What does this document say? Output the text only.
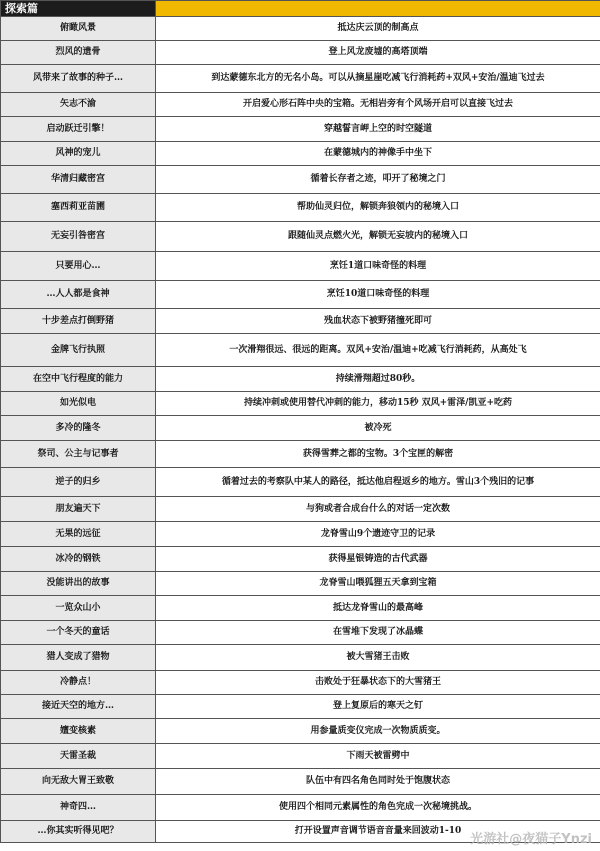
探索篇	
俯瞰风景	抵达庆云顶的制高点
烈风的遗骨	登上风龙废墟的高塔顶端
风带来了故事的种子…	到达蒙德东北方的无名小岛。可以从摘星崖吃减飞行消耗药+双风+安治/温迪飞过去
矢志不渝	开启爱心形石阵中央的宝箱。无相岩旁有个风场开启可以直接飞过去
启动跃迁引擎！	穿越誓言岬上空的时空隧道
风神的宠儿	在蒙德城内的神像手中坐下
华清归藏密宫	循着长存者之迹，叩开了秘境之门
塞西莉亚苗圃	帮助仙灵归位，解锁奔狼领内的秘境入口
无妄引咎密宫	跟随仙灵点燃火光，解锁无妄坡内的秘境入口
只要用心…	烹饪1道口味奇怪的料理
…人人都是食神	烹饪10道口味奇怪的料理
十步差点打倒野猪	残血状态下被野猪撞死即可
金牌飞行执照	一次滑翔很远、很远的距离。双风+安治/温迪+吃减飞行消耗药，从高处飞
在空中飞行程度的能力	持续滑翔超过80秒。
如光似电	持续冲刺或使用替代冲刺的能力，移动15秒 双风+雷泽/凯亚+吃药
多冷的隆冬	被冷死
祭司、公主与记事者	获得雪葬之都的宝物。3个宝匣的解密
逆子的归乡	循着过去的考察队中某人的路径，抵达他启程返乡的地方。雪山3个残旧的记事
朋友遍天下	与狗或者合成台什么的对话一定次数
无果的远征	龙脊雪山9个遗迹守卫的记录
冰冷的钢铁	获得星银铸造的古代武器
没能讲出的故事	龙脊雪山喂狐狸五天拿到宝箱
一览众山小	抵达龙脊雪山的最高峰
一个冬天的童话	在雪堆下发现了冰晶蝶
猎人变成了猎物	被大雪猪王击败
冷静点！	击败处于狂暴状态下的大雪猪王
接近天空的地方…	登上复原后的寒天之钉
嬗变核素	用参量质变仪完成一次物质质变。
天雷圣裁	下雨天被雷劈中
向无敌大胃王致敬	队伍中有四名角色同时处于饱腹状态
神奇四…	使用四个相同元素属性的角色完成一次秘境挑战。
…你其实听得见吧？	打开设置声音调节语音音量来回波动1-10
光游社@夜猫子Ynzi
